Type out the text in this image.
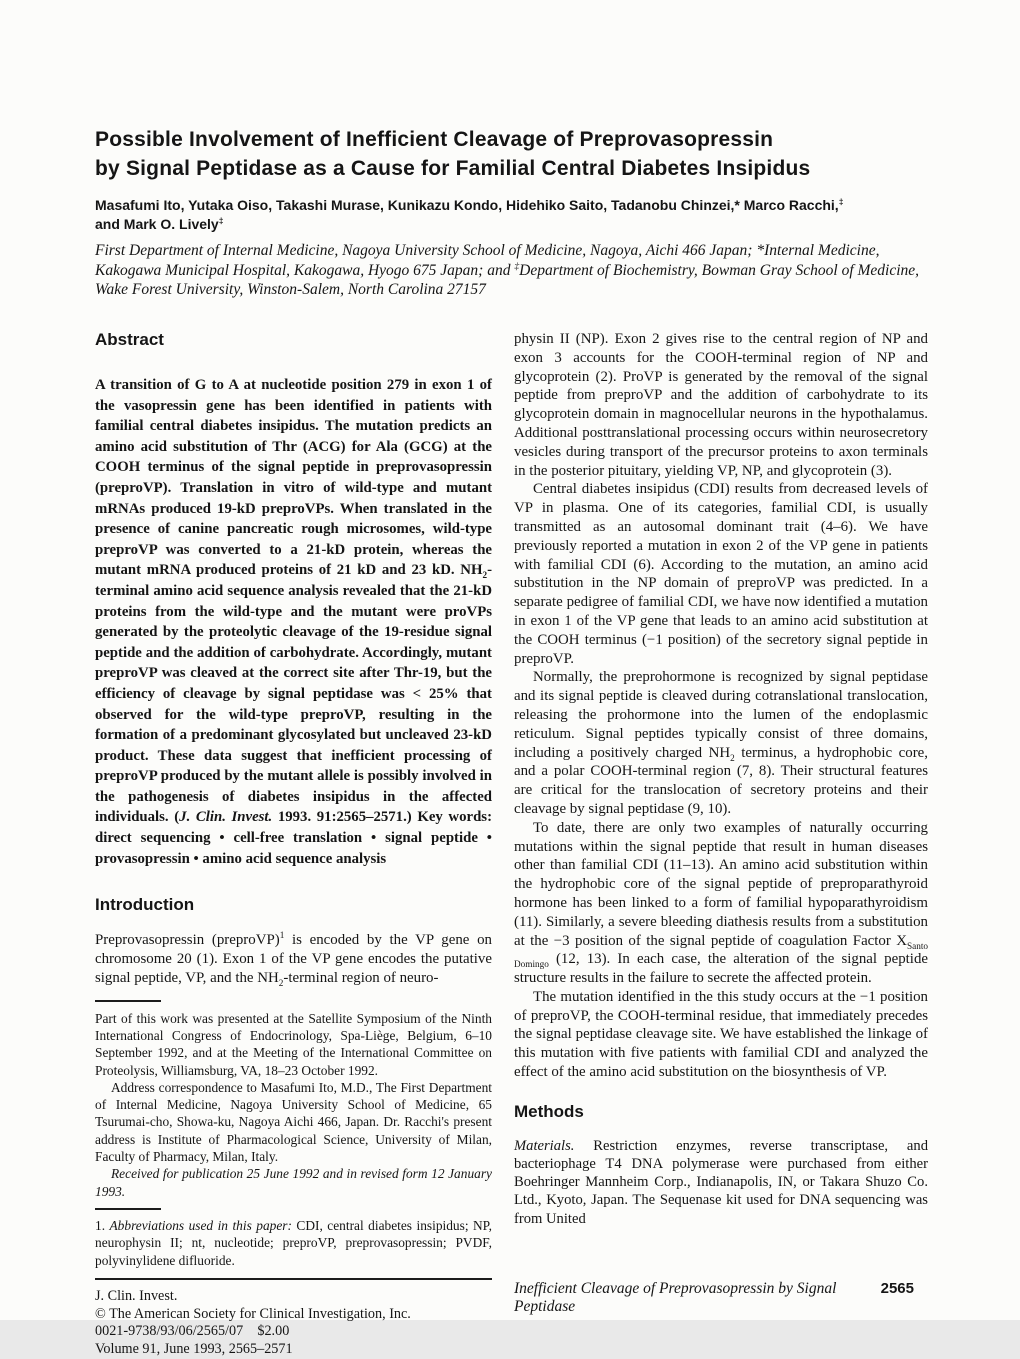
Possible Involvement of Inefficient Cleavage of Preprovasopressin
by Signal Peptidase as a Cause for Familial Central Diabetes Insipidus
Masafumi Ito, Yutaka Oiso, Takashi Murase, Kunikazu Kondo, Hidehiko Saito, Tadanobu Chinzei,* Marco Racchi,‡
and Mark O. Lively‡
First Department of Internal Medicine, Nagoya University School of Medicine, Nagoya, Aichi 466 Japan; *Internal Medicine, Kakogawa Municipal Hospital, Kakogawa, Hyogo 675 Japan; and ‡Department of Biochemistry, Bowman Gray School of Medicine, Wake Forest University, Winston-Salem, North Carolina 27157
Abstract

A transition of G to A at nucleotide position 279 in exon 1 of the vasopressin gene has been identified in patients with familial central diabetes insipidus. The mutation predicts an amino acid substitution of Thr (ACG) for Ala (GCG) at the COOH terminus of the signal peptide in preprovasopressin (preproVP). Translation in vitro of wild-type and mutant mRNAs produced 19-kD preproVPs. When translated in the presence of canine pancreatic rough microsomes, wild-type preproVP was converted to a 21-kD protein, whereas the mutant mRNA produced proteins of 21 kD and 23 kD. $NH_2$-terminal amino acid sequence analysis revealed that the 21-kD proteins from the wild-type and the mutant were proVPs generated by the proteolytic cleavage of the 19-residue signal peptide and the addition of carbohydrate. Accordingly, mutant preproVP was cleaved at the correct site after Thr-19, but the efficiency of cleavage by signal peptidase was < 25% that observed for the wild-type preproVP, resulting in the formation of a predominant glycosylated but uncleaved 23-kD product. These data suggest that inefficient processing of preproVP produced by the mutant allele is possibly involved in the pathogenesis of diabetes insipidus in the affected individuals. (J. Clin. Invest. 1993. 91:2565–2571.) Key words: direct sequencing • cell-free translation • signal peptide • provasopressin • amino acid sequence analysis

Introduction

Preprovasopressin (preproVP)$^1$ is encoded by the VP gene on chromosome 20 (1). Exon 1 of the VP gene encodes the putative signal peptide, VP, and the $NH_2$-terminal region of neuro-

Part of this work was presented at the Satellite Symposium of the Ninth International Congress of Endocrinology, Spa-Liège, Belgium, 6–10 September 1992, and at the Meeting of the International Committee on Proteolysis, Williamsburg, VA, 18–23 October 1992.

Address correspondence to Masafumi Ito, M.D., The First Department of Internal Medicine, Nagoya University School of Medicine, 65 Tsurumai-cho, Showa-ku, Nagoya Aichi 466, Japan. Dr. Racchi's present address is Institute of Pharmacological Science, University of Milan, Faculty of Pharmacy, Milan, Italy.

Received for publication 25 June 1992 and in revised form 12 January 1993.

1. Abbreviations used in this paper: CDI, central diabetes insipidus; NP, neurophysin II; nt, nucleotide; preproVP, preprovasopressin; PVDF, polyvinylidene difluoride.

J. Clin. Invest.
© The American Society for Clinical Investigation, Inc.
0021-9738/93/06/2565/07  $2.00
Volume 91, June 1993, 2565–2571

physin II (NP). Exon 2 gives rise to the central region of NP and exon 3 accounts for the COOH-terminal region of NP and glycoprotein (2). ProVP is generated by the removal of the signal peptide from preproVP and the addition of carbohydrate to its glycoprotein domain in magnocellular neurons in the hypothalamus. Additional posttranslational processing occurs within neurosecretory vesicles during transport of the precursor proteins to axon terminals in the posterior pituitary, yielding VP, NP, and glycoprotein (3).

Central diabetes insipidus (CDI) results from decreased levels of VP in plasma. One of its categories, familial CDI, is usually transmitted as an autosomal dominant trait (4–6). We have previously reported a mutation in exon 2 of the VP gene in patients with familial CDI (6). According to the mutation, an amino acid substitution in the NP domain of preproVP was predicted. In a separate pedigree of familial CDI, we have now identified a mutation in exon 1 of the VP gene that leads to an amino acid substitution at the COOH terminus (−1 position) of the secretory signal peptide in preproVP.

Normally, the preprohormone is recognized by signal peptidase and its signal peptide is cleaved during cotranslational translocation, releasing the prohormone into the lumen of the endoplasmic reticulum. Signal peptides typically consist of three domains, including a positively charged $NH_2$ terminus, a hydrophobic core, and a polar COOH-terminal region (7, 8). Their structural features are critical for the translocation of secretory proteins and their cleavage by signal peptidase (9, 10).

To date, there are only two examples of naturally occurring mutations within the signal peptide that result in human diseases other than familial CDI (11–13). An amino acid substitution within the hydrophobic core of the signal peptide of preproparathyroid hormone has been linked to a form of familial hypoparathyroidism (11). Similarly, a severe bleeding diathesis results from a substitution at the −3 position of the signal peptide of coagulation Factor $X_{Santo Domingo}$ (12, 13). In each case, the alteration of the signal peptide structure results in the failure to secrete the affected protein.

The mutation identified in the this study occurs at the −1 position of preproVP, the COOH-terminal residue, that immediately precedes the signal peptidase cleavage site. We have established the linkage of this mutation with five patients with familial CDI and analyzed the effect of the amino acid substitution on the biosynthesis of VP.

Methods

Materials. Restriction enzymes, reverse transcriptase, and bacteriophage T4 DNA polymerase were purchased from either Boehringer Mannheim Corp., Indianapolis, IN, or Takara Shuzo Co. Ltd., Kyoto, Japan. The Sequenase kit used for DNA sequencing was from United

Inefficient Cleavage of Preprovasopressin by Signal Peptidase
2565
